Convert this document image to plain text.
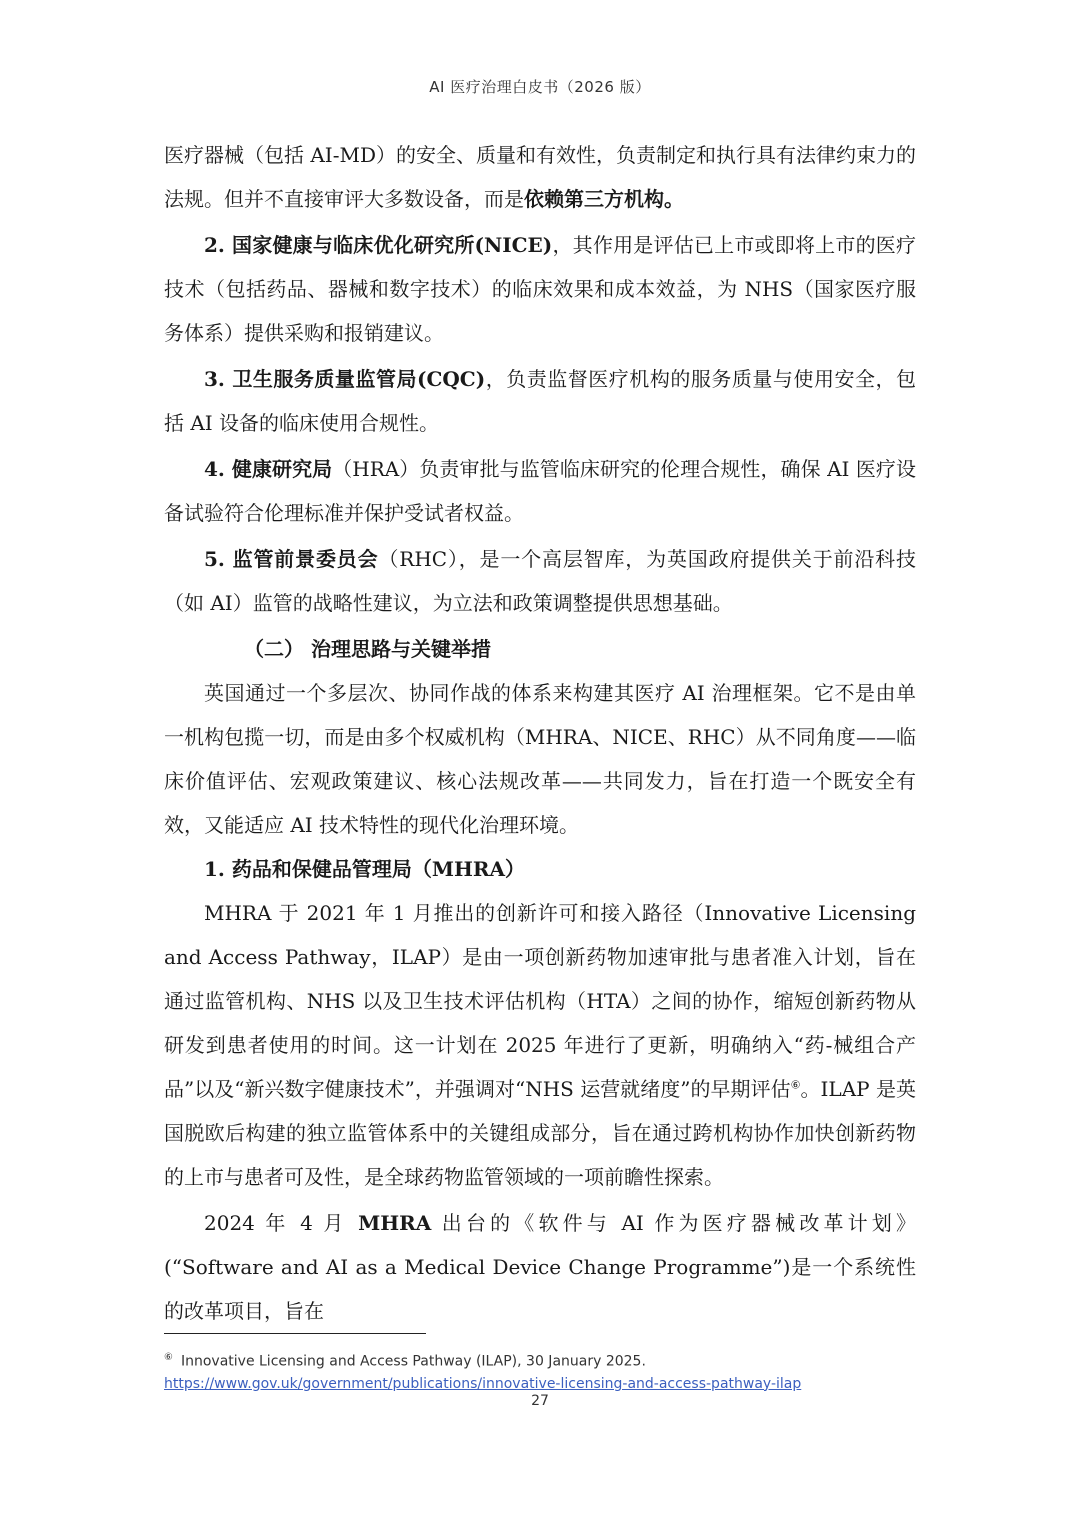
AI 医疗治理白皮书（2026 版）

医疗器械（包括 AI-MD）的安全、质量和有效性，负责制定和执行具有法律约束力的法规。但并不直接审评大多数设备，而是依赖第三方机构。

2. 国家健康与临床优化研究所(NICE)，其作用是评估已上市或即将上市的医疗技术（包括药品、器械和数字技术）的临床效果和成本效益，为 NHS（国家医疗服务体系）提供采购和报销建议。

3. 卫生服务质量监管局(CQC)，负责监督医疗机构的服务质量与使用安全，包括 AI 设备的临床使用合规性。

4. 健康研究局（HRA）负责审批与监管临床研究的伦理合规性，确保 AI 医疗设备试验符合伦理标准并保护受试者权益。

5. 监管前景委员会（RHC），是一个高层智库，为英国政府提供关于前沿科技（如 AI）监管的战略性建议，为立法和政策调整提供思想基础。

（二） 治理思路与关键举措

英国通过一个多层次、协同作战的体系来构建其医疗 AI 治理框架。它不是由单一机构包揽一切，而是由多个权威机构（MHRA、NICE、RHC）从不同角度——临床价值评估、宏观政策建议、核心法规改革——共同发力，旨在打造一个既安全有效，又能适应 AI 技术特性的现代化治理环境。

1. 药品和保健品管理局（MHRA）

MHRA 于 2021 年 1 月推出的创新许可和接入路径（Innovative Licensing and Access Pathway，ILAP）是由一项创新药物加速审批与患者准入计划，旨在通过监管机构、NHS 以及卫生技术评估机构（HTA）之间的协作，缩短创新药物从研发到患者使用的时间。这一计划在 2025 年进行了更新，明确纳入“药-械组合产品”以及“新兴数字健康技术”，并强调对“NHS 运营就绪度”的早期评估⑥。ILAP 是英国脱欧后构建的独立监管体系中的关键组成部分，旨在通过跨机构协作加快创新药物的上市与患者可及性，是全球药物监管领域的一项前瞻性探索。

2024 年 4 月 MHRA 出台的《软件与 AI 作为医疗器械改革计划》(“Software and AI as a Medical Device Change Programme”)是一个系统性的改革项目，旨在

⑥ Innovative Licensing and Access Pathway (ILAP), 30 January 2025.
https://www.gov.uk/government/publications/innovative-licensing-and-access-pathway-ilap
27
